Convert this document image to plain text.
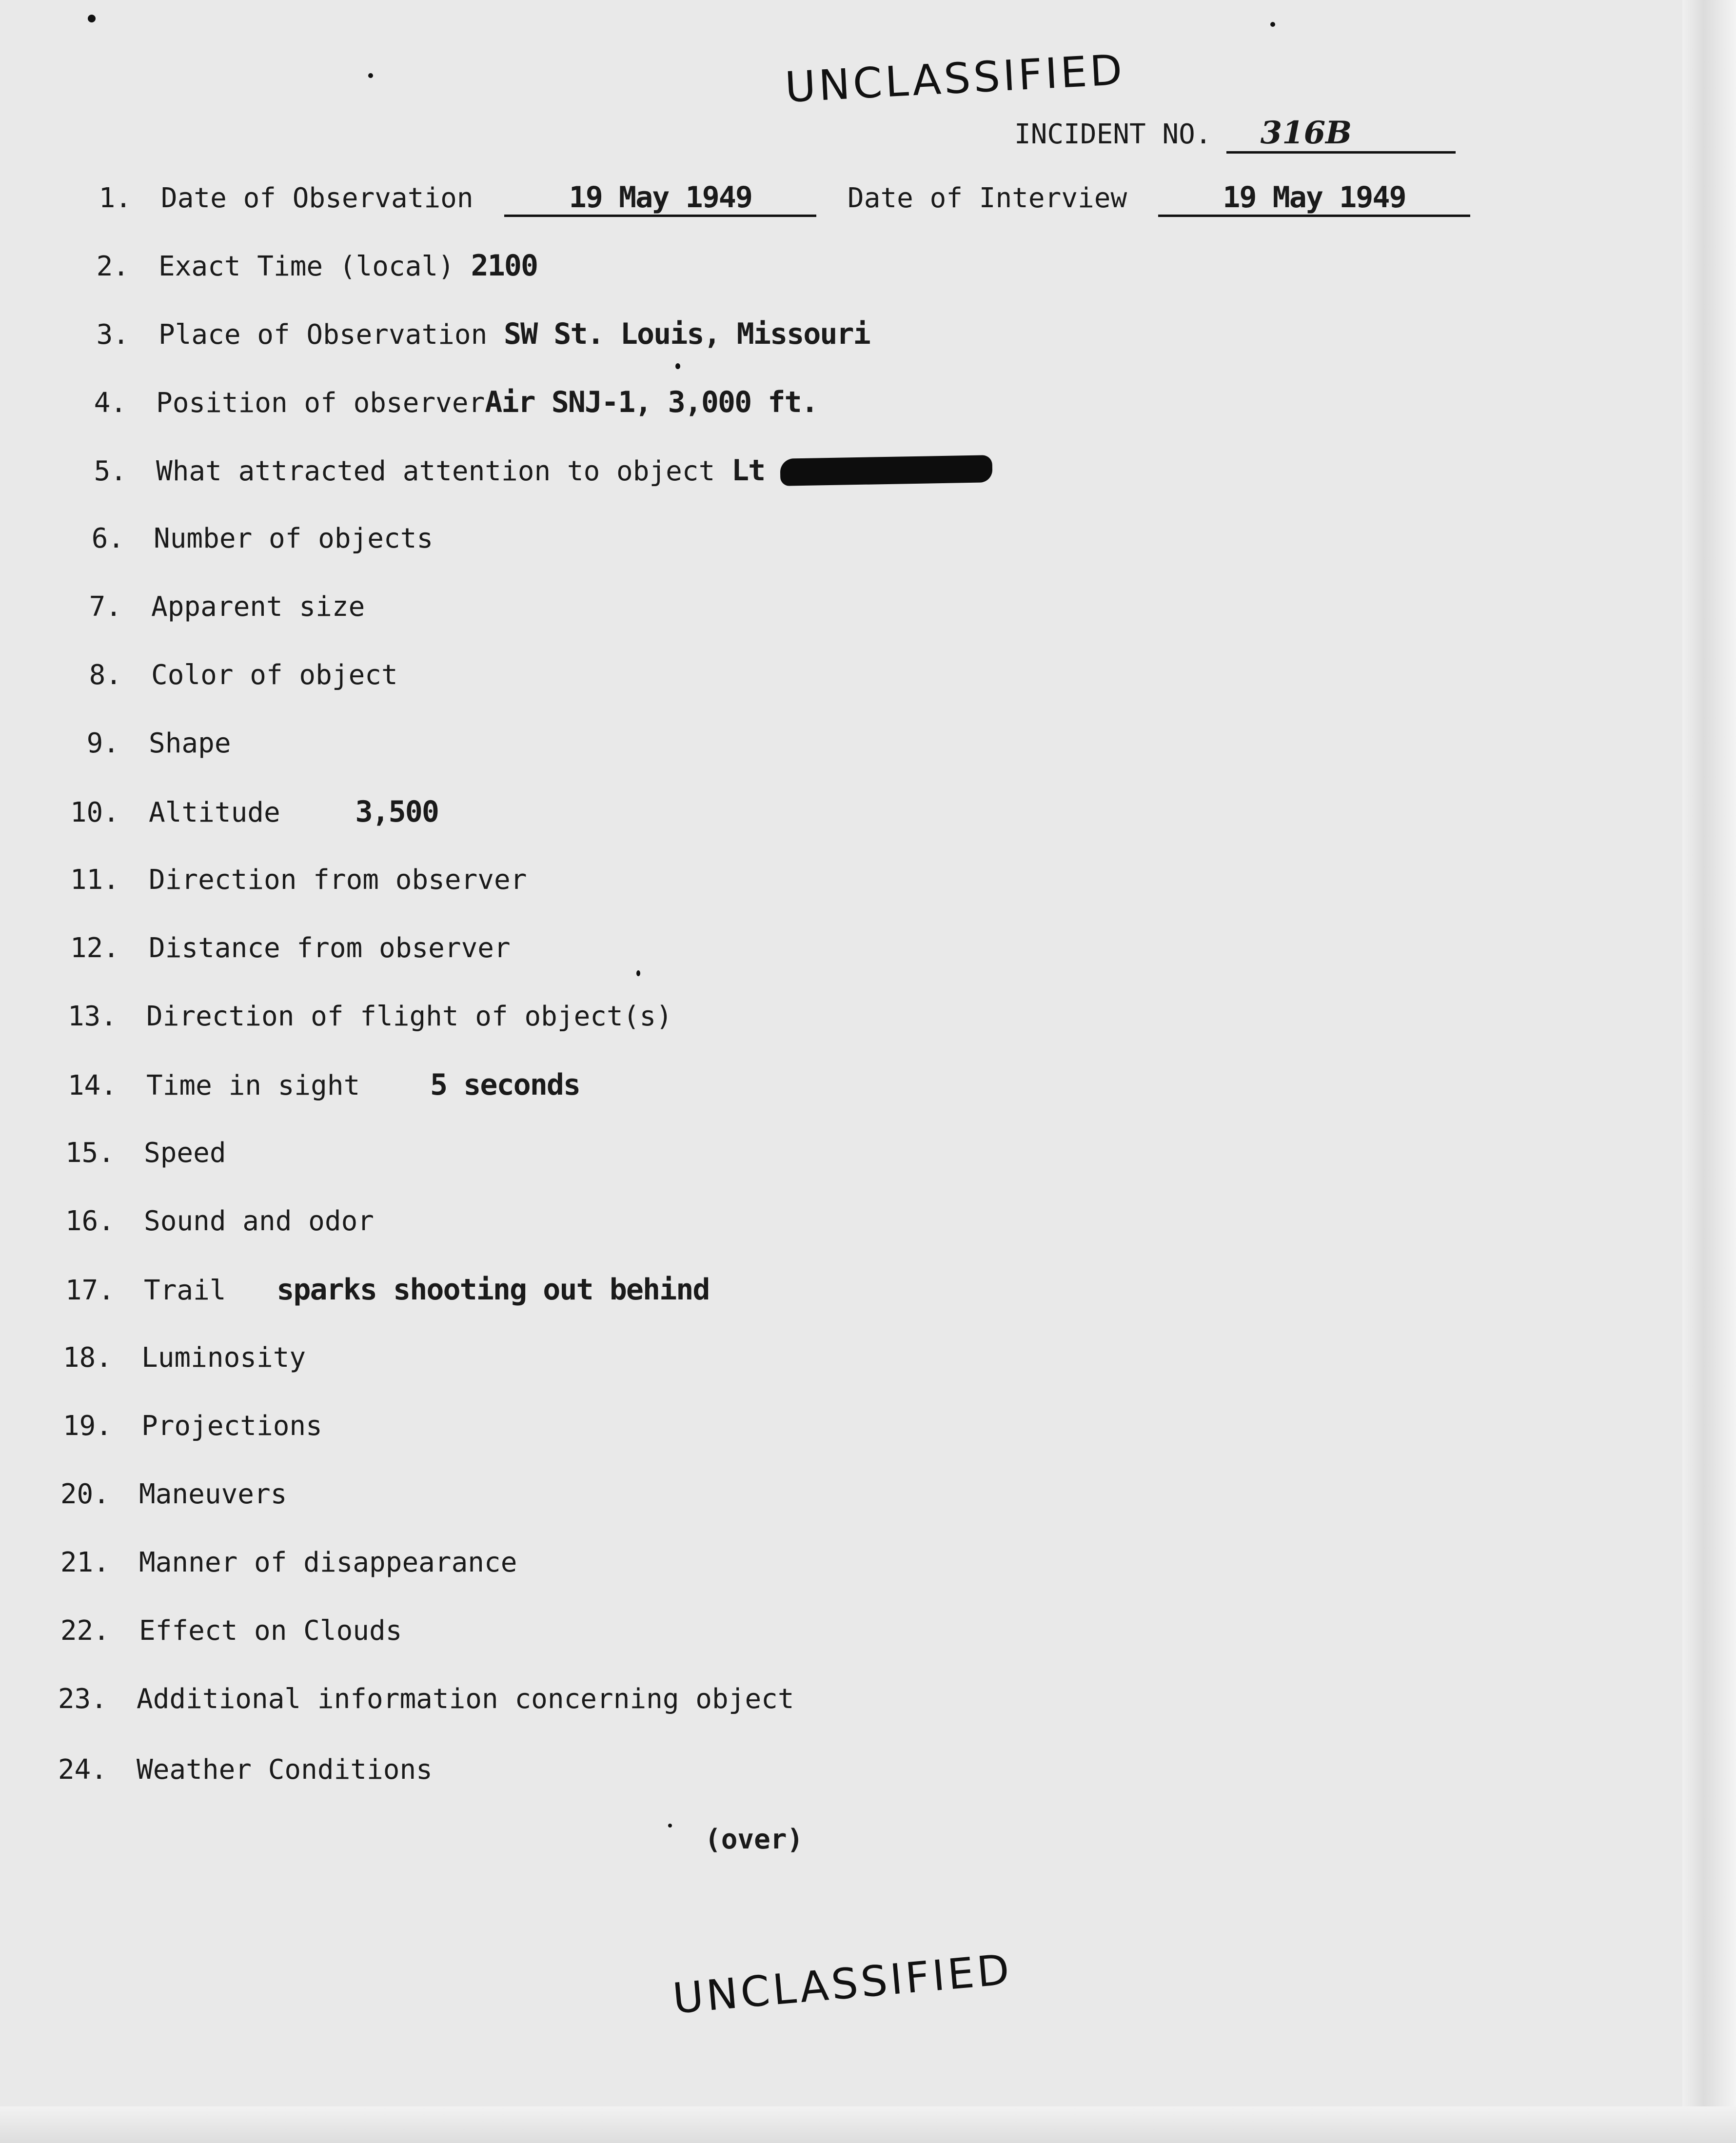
UNCLASSIFIED
INCIDENT NO. 316B
1. Date of Observation	19 May 1949	Date of Interview	19 May 1949
2. Exact Time (local) 2100
3. Place of Observation SW St. Louis, Missouri
4. Position of observerAir SNJ-1, 3,000 ft.
5. What attracted attention to object Lt
6. Number of objects
7. Apparent size
8. Color of object
9. Shape
10. Altitude	3,500
11. Direction from observer
12. Distance from observer
13. Direction of flight of object(s)
14. Time in sight 5 seconds
15. Speed
16. Sound and odor
17. Trail sparks shooting out behind
18. Luminosity
19. Projections
20. Maneuvers
21. Manner of disappearance
22. Effect on Clouds
23. Additional information concerning object
24. Weather Conditions
(over)
UNCLASSIFIED
